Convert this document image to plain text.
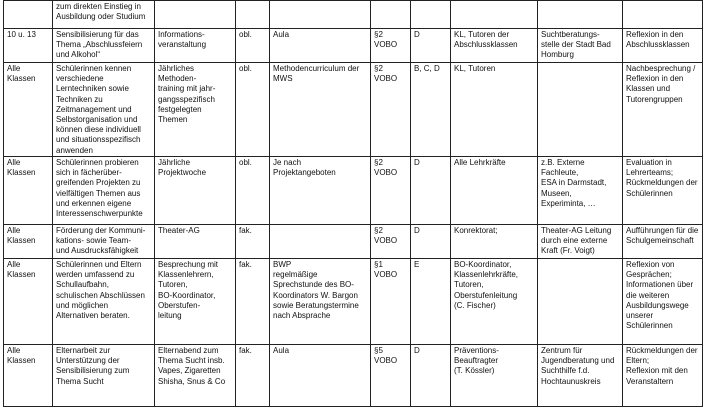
	zum direkten Einstieg in Ausbildung oder Studium								
10 u. 13	Sensibilisierung für das Thema „Abschlussfeiern und Alkohol“	Informations-
veranstaltung	obl.	Aula	§2
VOBO	D	KL, Tutoren der Abschlussklassen	Suchtberatungs-
stelle der Stadt Bad Homburg	Reflexion in den Abschlussklassen
Alle
Klassen	Schülerinnen kennen verschiedene Lerntechniken sowie Techniken zu Zeitmanagement und Selbstorganisation und können diese individuell und situationsspezifisch anwenden	Jährliches
Methoden-
training mit jahr-
gangsspezifisch festgelegten Themen	obl.	Methodencurriculum der MWS	§2
VOBO	B, C, D	KL, Tutoren		Nachbesprechung / Reflexion in den Klassen und Tutorengruppen
Alle
Klassen	Schülerinnen probieren sich in fächerüber-
greifenden Projekten zu vielfältigen Themen aus und erkennen eigene Interessenschwerpunkte	Jährliche
Projektwoche	obl.	Je nach
Projektangeboten	§2
VOBO	D	Alle Lehrkräfte	z.B. Externe
Fachleute,
ESA in Darmstadt,
Museen,
Experiminta, …	Evaluation in Lehrerteams;
Rückmeldungen der Schülerinnen
Alle
Klassen	Förderung der Kommuni-
kations- sowie Team-
und Ausdrucksfähigkeit	Theater-AG	fak.		§2
VOBO	D	Konrektorat;	Theater-AG Leitung
durch eine externe
Kraft (Fr. Voigt)	Aufführungen für die Schulgemeinschaft
Alle
Klassen	Schülerinnen und Eltern werden umfassend zu Schullaufbahn, schulischen Abschlüssen und möglichen Alternativen beraten.	Besprechung mit Klassenlehrern,
Tutoren,
BO-Koordinator,
Oberstufen-
leitung	fak.	BWP
regelmäßige Sprechstunde des BO-Koordinators W. Bargon sowie Beratungstermine nach Absprache	§1
VOBO	E	BO-Koordinator,
Klassenlehrkräfte,
Tutoren,
Oberstufenleitung
(C. Fischer)		Reflexion von Gesprächen;
Informationen über die weiteren Ausbildungswege unserer Schülerinnen
Alle
Klassen	Elternarbeit zur Unterstützung der Sensibilisierung zum Thema Sucht	Elternabend zum Thema Sucht insb. Vapes, Zigaretten Shisha, Snus & Co	fak.	Aula	§5
VOBO	D	Präventions-
Beauftragter
(T. Kössler)	Zentrum für Jugendberatung und Suchthilfe f.d. Hochtaunuskreis	Rückmeldungen der Eltern;
Reflexion mit den Veranstaltern
